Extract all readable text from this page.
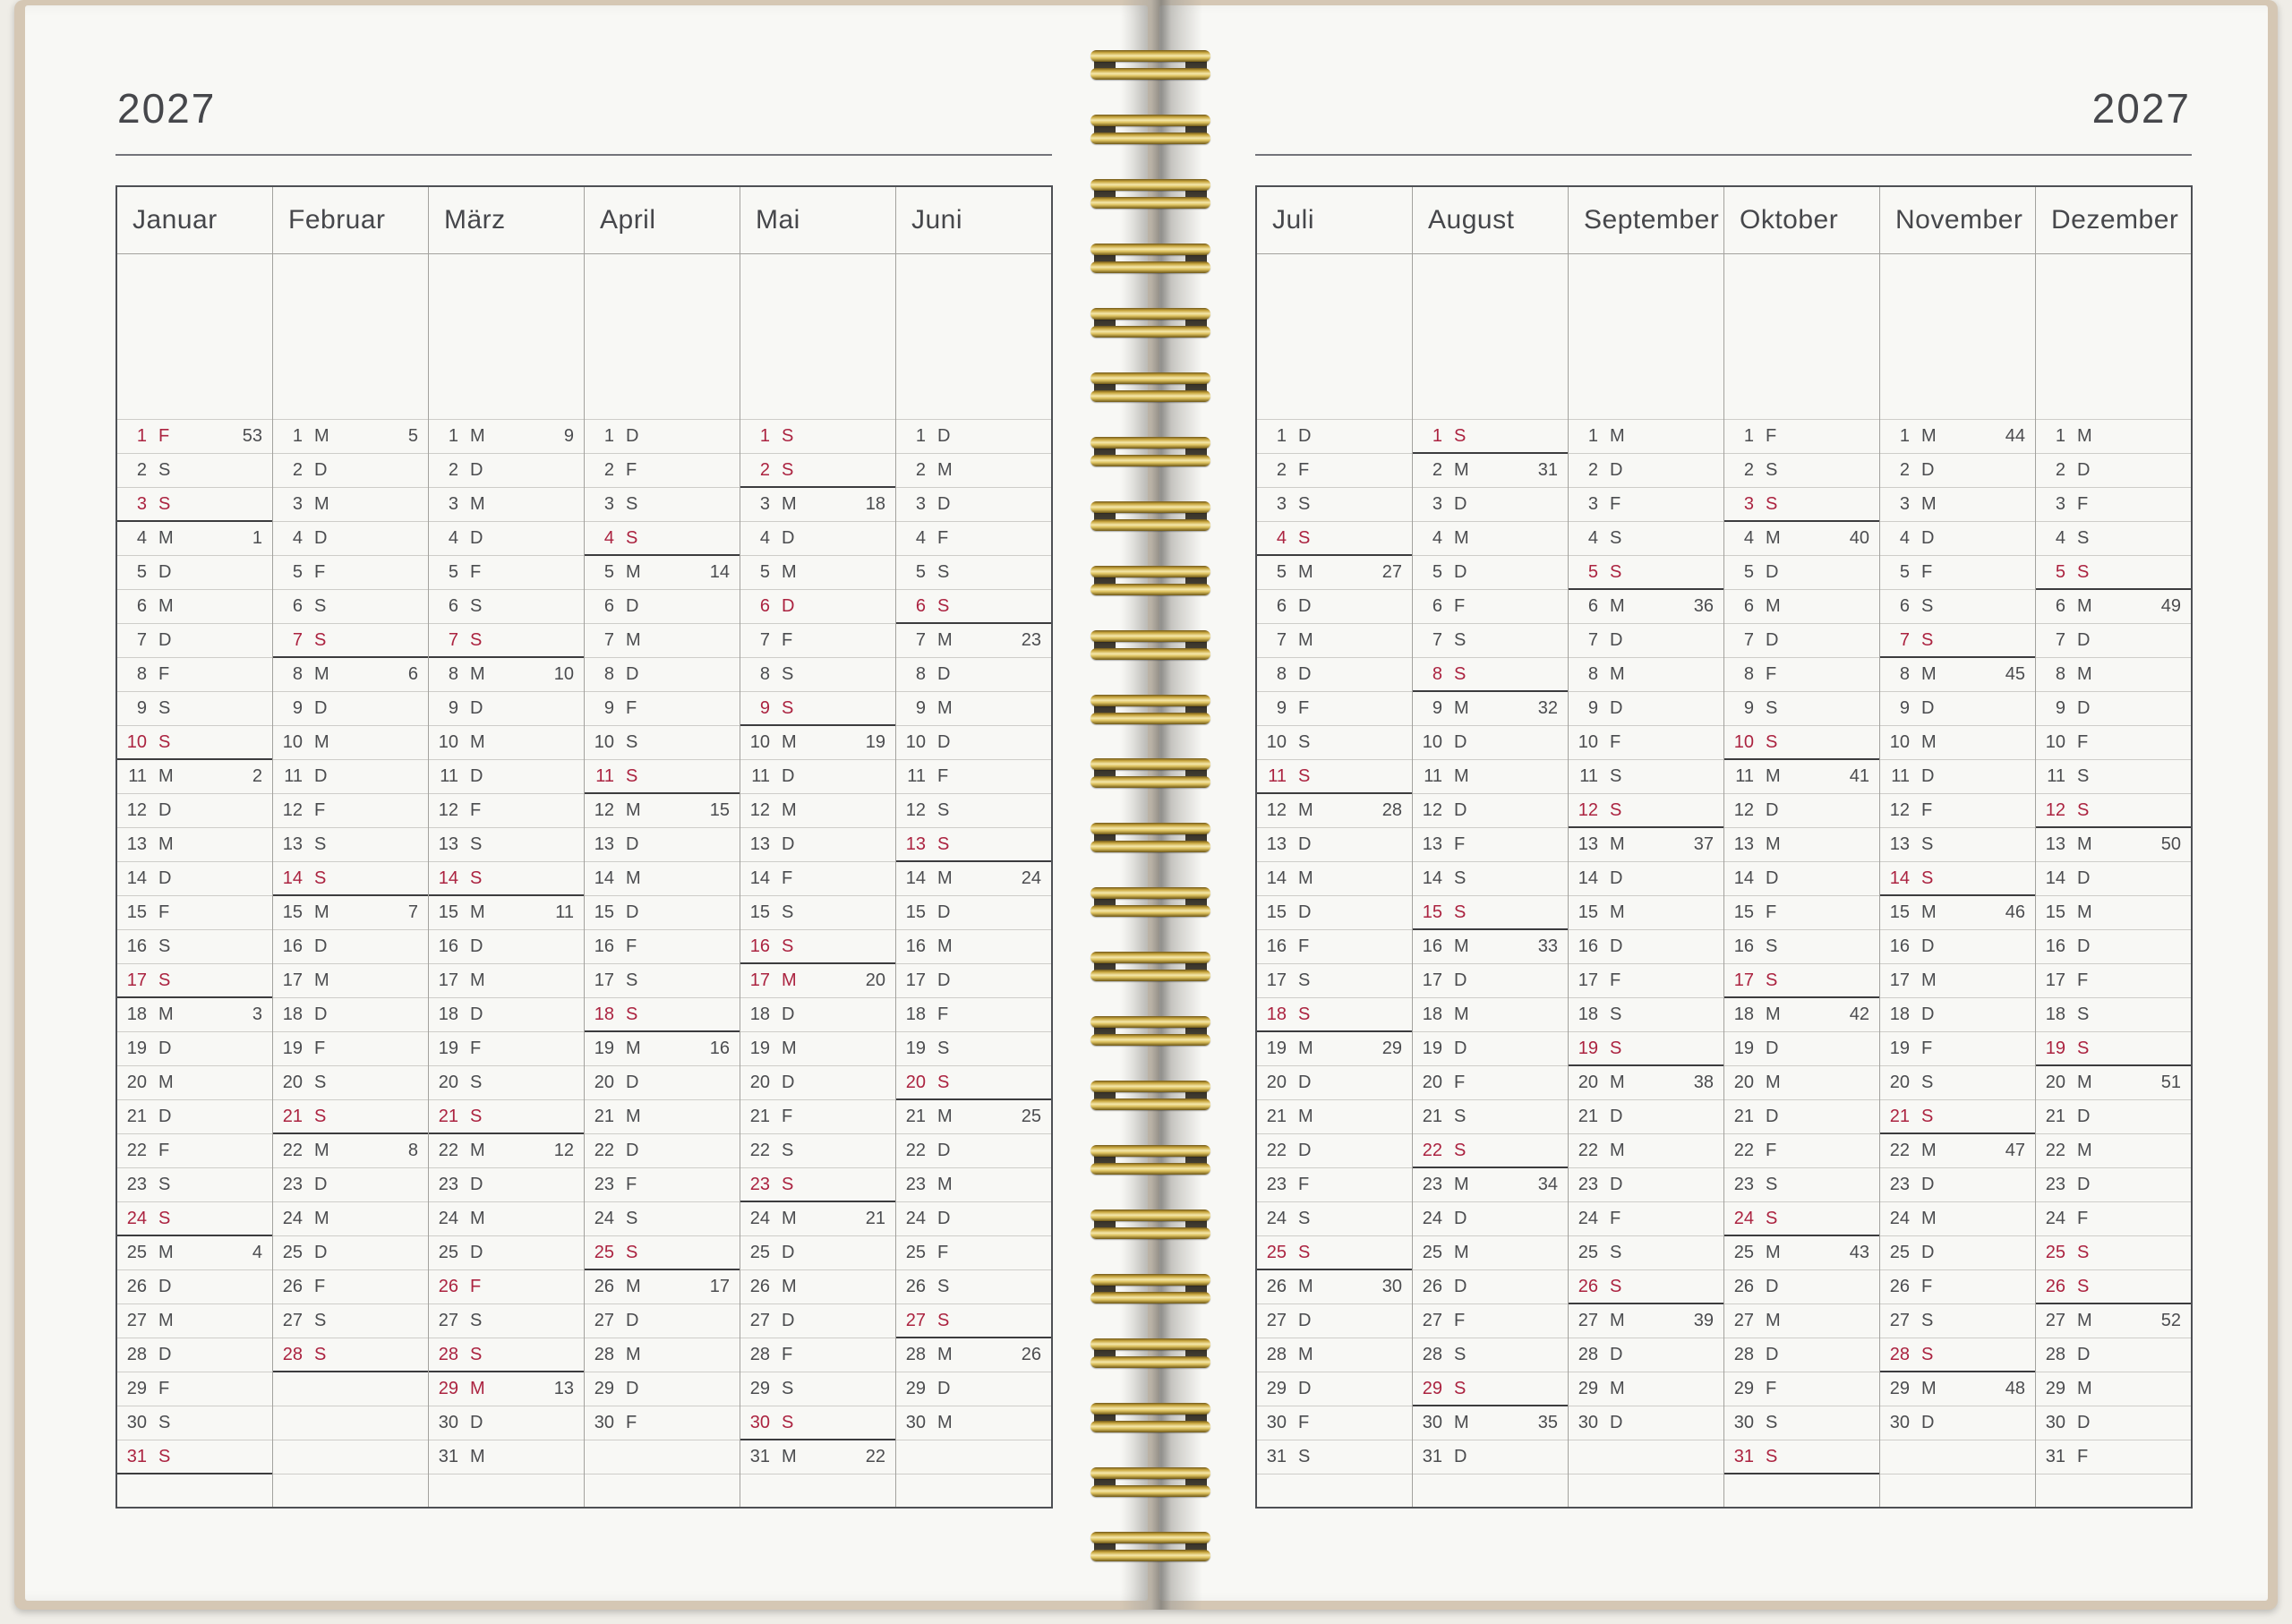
2027
Januar
1 F	53
2 S
3 S
4 M	1
5 D
6 M
7 D
8 F
9 S
10 S
11 M	2
12 D
13 M
14 D
15 F
16 S
17 S
18 M	3
19 D
20 M
21 D
22 F
23 S
24 S
25 M	4
26 D
27 M
28 D
29 F
30 S
31 S
Februar
1 M	5
2 D
3 M
4 D
5 F
6 S
7 S
8 M	6
9 D
10 M
11 D
12 F
13 S
14 S
15 M	7
16 D
17 M
18 D
19 F
20 S
21 S
22 M	8
23 D
24 M
25 D
26 F
27 S
28 S
März
1 M	9
2 D
3 M
4 D
5 F
6 S
7 S
8 M	10
9 D
10 M
11 D
12 F
13 S
14 S
15 M	11
16 D
17 M
18 D
19 F
20 S
21 S
22 M	12
23 D
24 M
25 D
26 F
27 S
28 S
29 M	13
30 D
31 M
April
1 D
2 F
3 S
4 S
5 M	14
6 D
7 M
8 D
9 F
10 S
11 S
12 M	15
13 D
14 M
15 D
16 F
17 S
18 S
19 M	16
20 D
21 M
22 D
23 F
24 S
25 S
26 M	17
27 D
28 M
29 D
30 F
Mai
1 S
2 S
3 M	18
4 D
5 M
6 D
7 F
8 S
9 S
10 M	19
11 D
12 M
13 D
14 F
15 S
16 S
17 M	20
18 D
19 M
20 D
21 F
22 S
23 S
24 M	21
25 D
26 M
27 D
28 F
29 S
30 S
31 M	22
Juni
1 D
2 M
3 D
4 F
5 S
6 S
7 M	23
8 D
9 M
10 D
11 F
12 S
13 S
14 M	24
15 D
16 M
17 D
18 F
19 S
20 S
21 M	25
22 D
23 M
24 D
25 F
26 S
27 S
28 M	26
29 D
30 M
2027
Juli
1 D
2 F
3 S
4 S
5 M	27
6 D
7 M
8 D
9 F
10 S
11 S
12 M	28
13 D
14 M
15 D
16 F
17 S
18 S
19 M	29
20 D
21 M
22 D
23 F
24 S
25 S
26 M	30
27 D
28 M
29 D
30 F
31 S
August
1 S
2 M	31
3 D
4 M
5 D
6 F
7 S
8 S
9 M	32
10 D
11 M
12 D
13 F
14 S
15 S
16 M	33
17 D
18 M
19 D
20 F
21 S
22 S
23 M	34
24 D
25 M
26 D
27 F
28 S
29 S
30 M	35
31 D
September
1 M
2 D
3 F
4 S
5 S
6 M	36
7 D
8 M
9 D
10 F
11 S
12 S
13 M	37
14 D
15 M
16 D
17 F
18 S
19 S
20 M	38
21 D
22 M
23 D
24 F
25 S
26 S
27 M	39
28 D
29 M
30 D
Oktober
1 F
2 S
3 S
4 M	40
5 D
6 M
7 D
8 F
9 S
10 S
11 M	41
12 D
13 M
14 D
15 F
16 S
17 S
18 M	42
19 D
20 M
21 D
22 F
23 S
24 S
25 M	43
26 D
27 M
28 D
29 F
30 S
31 S
November
1 M	44
2 D
3 M
4 D
5 F
6 S
7 S
8 M	45
9 D
10 M
11 D
12 F
13 S
14 S
15 M	46
16 D
17 M
18 D
19 F
20 S
21 S
22 M	47
23 D
24 M
25 D
26 F
27 S
28 S
29 M	48
30 D
Dezember
1 M
2 D
3 F
4 S
5 S
6 M	49
7 D
8 M
9 D
10 F
11 S
12 S
13 M	50
14 D
15 M
16 D
17 F
18 S
19 S
20 M	51
21 D
22 M
23 D
24 F
25 S
26 S
27 M	52
28 D
29 M
30 D
31 F
